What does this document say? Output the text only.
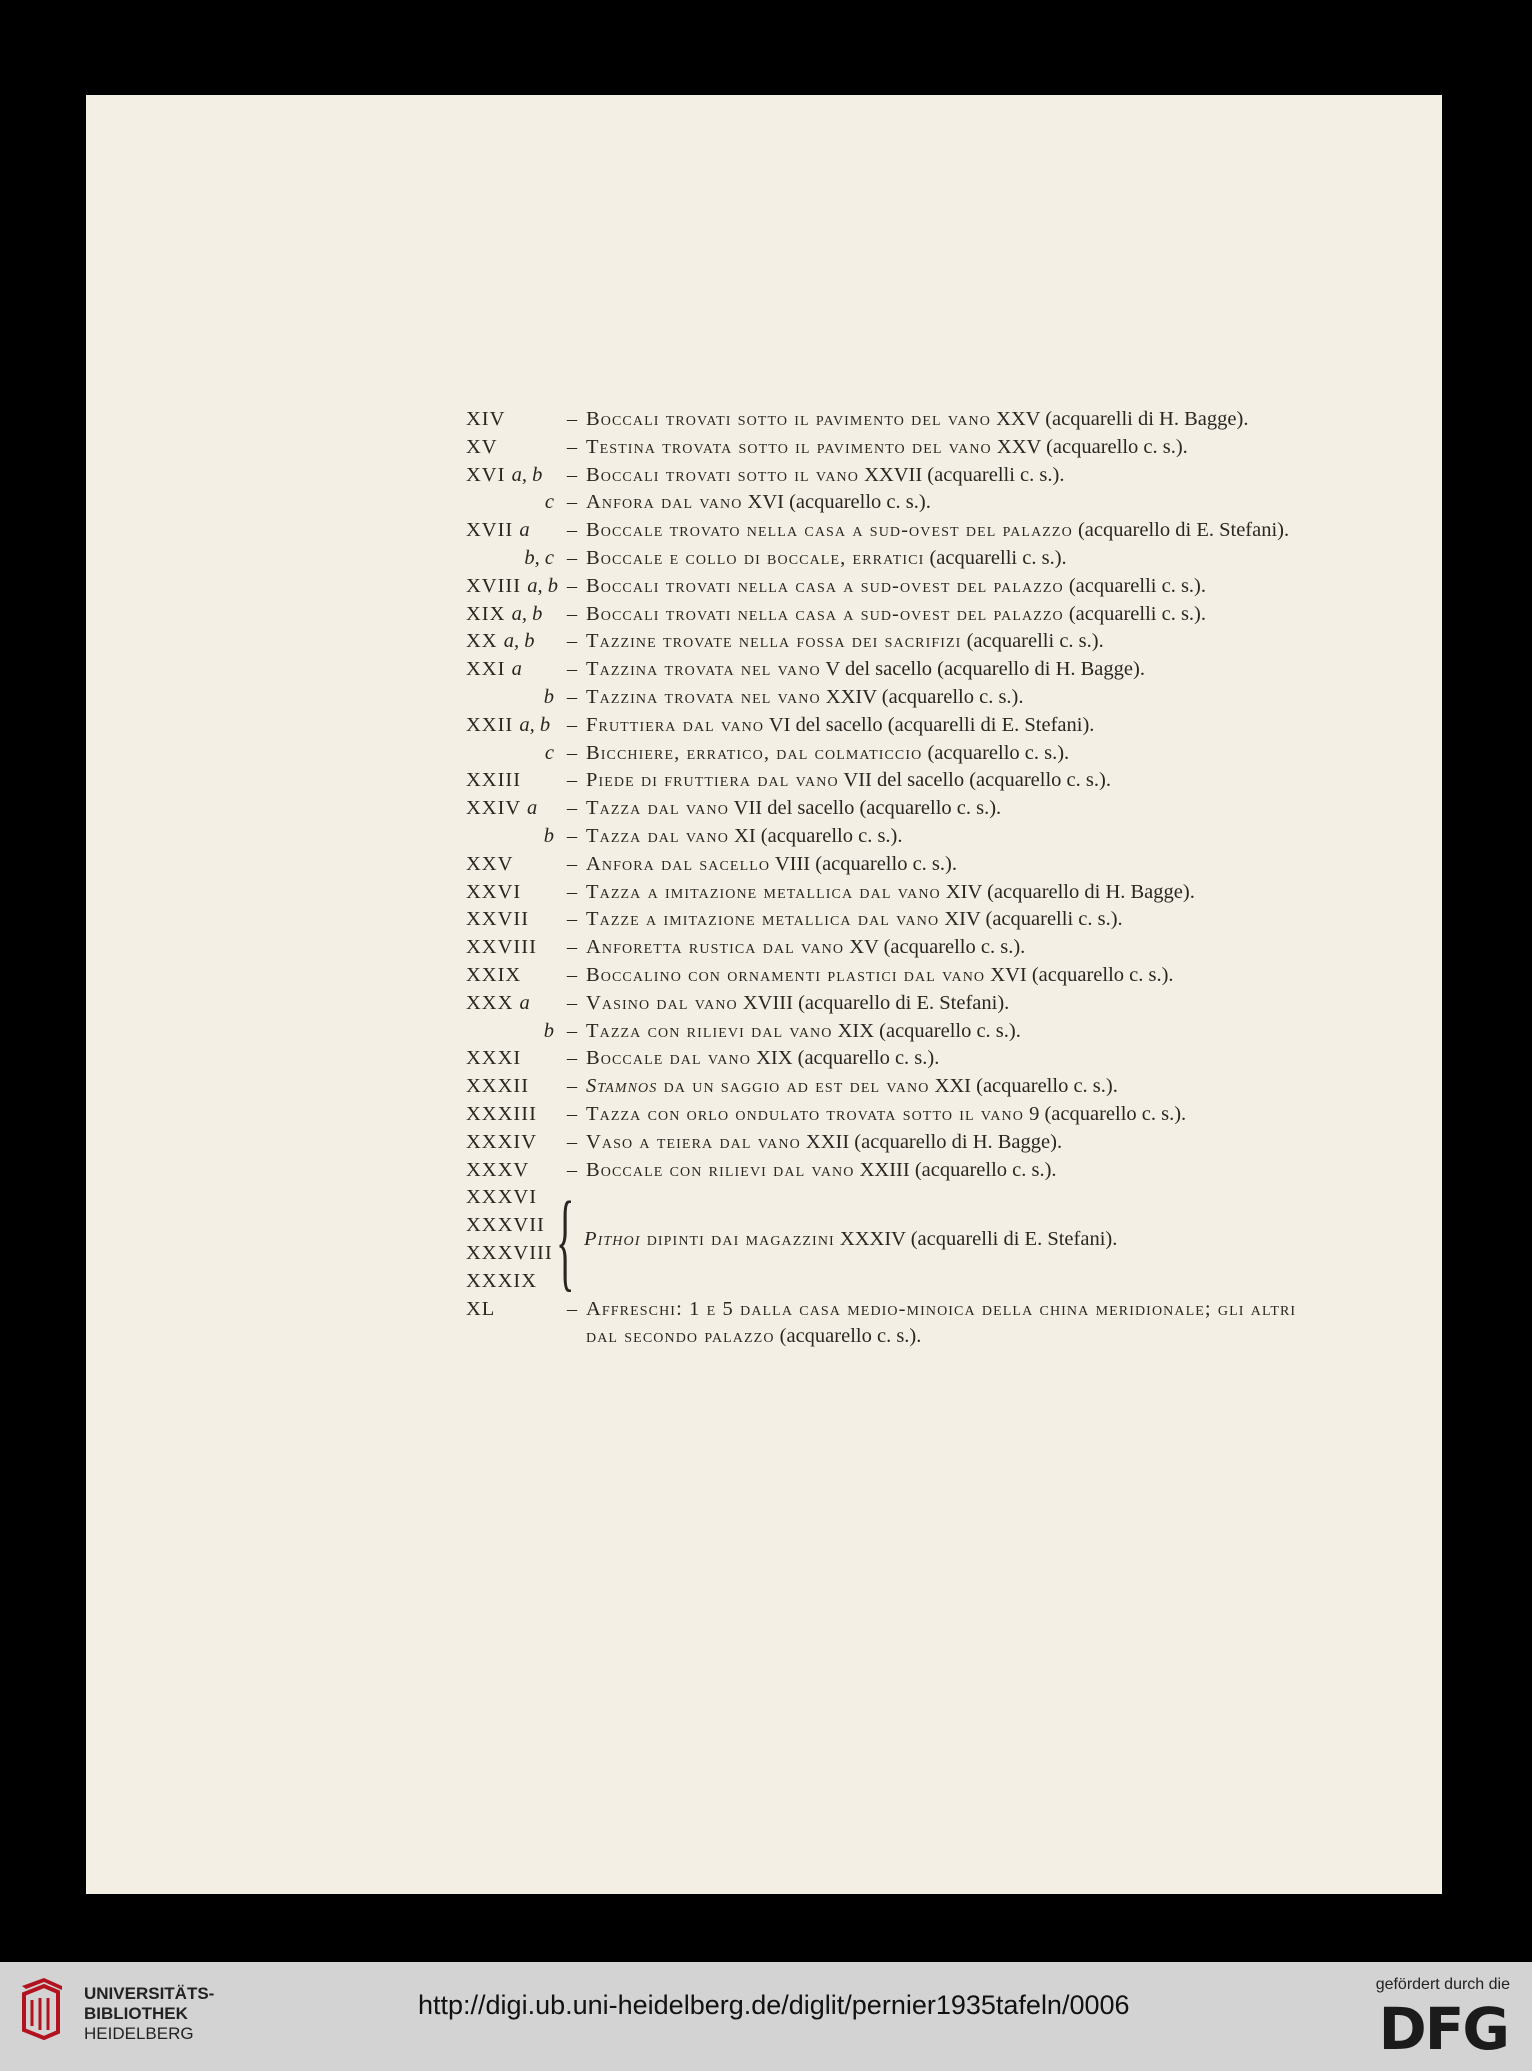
XIV	– Boccali trovati sotto il pavimento del vano XXV (acquarelli di H. Bagge).
XV	– Testina trovata sotto il pavimento del vano XXV (acquarello c. s.).
XVI a, b	– Boccali trovati sotto il vano XXVII (acquarelli c. s.).
c – Anfora dal vano XVI (acquarello c. s.).
XVII a	– Boccale trovato nella casa a sud-ovest del palazzo (acquarello di E. Stefani).
b, c – Boccale e collo di boccale, erratici (acquarelli c. s.).
XVIII a, b – Boccali trovati nella casa a sud-ovest del palazzo (acquarelli c. s.).
XIX a, b	– Boccali trovati nella casa a sud-ovest del palazzo (acquarelli c. s.).
XX a, b	– Tazzine trovate nella fossa dei sacrifizi (acquarelli c. s.).
XXI a	– Tazzina trovata nel vano V del sacello (acquarello di H. Bagge).
b – Tazzina trovata nel vano XXIV (acquarello c. s.).
XXII a, b – Fruttiera dal vano VI del sacello (acquarelli di E. Stefani).
c – Bicchiere, erratico, dal colmaticcio (acquarello c. s.).
XXIII	– Piede di fruttiera dal vano VII del sacello (acquarello c. s.).
XXIV a	– Tazza dal vano VII del sacello (acquarello c. s.).
b – Tazza dal vano XI (acquarello c. s.).
XXV	– Anfora dal sacello VIII (acquarello c. s.).
XXVI	– Tazza a imitazione metallica dal vano XIV (acquarello di H. Bagge).
XXVII	– Tazze a imitazione metallica dal vano XIV (acquarelli c. s.).
XXVIII	– Anforetta rustica dal vano XV (acquarello c. s.).
XXIX	– Boccalino con ornamenti plastici dal vano XVI (acquarello c. s.).
XXX a	– Vasino dal vano XVIII (acquarello di E. Stefani).
b – Tazza con rilievi dal vano XIX (acquarello c. s.).
XXXI	– Boccale dal vano XIX (acquarello c. s.).
XXXII	– Stamnos da un saggio ad est del vano XXI (acquarello c. s.).
XXXIII	– Tazza con orlo ondulato trovata sotto il vano 9 (acquarello c. s.).
XXXIV	– Vaso a teiera dal vano XXII (acquarello di H. Bagge).
XXXV	– Boccale con rilievi dal vano XXIII (acquarello c. s.).
XXXVI
XXXVII
XXXVIII
XXXIX { Pithoi dipinti dai magazzini XXXIV (acquarelli di E. Stefani).
XL	– Affreschi: 1 e 5 dalla casa medio-minoica della china meridionale; gli altri dal secondo palazzo (acquarello c. s.).
UNIVERSITÄTS-
BIBLIOTHEK
HEIDELBERG
http://digi.ub.uni-heidelberg.de/diglit/pernier1935tafeln/0006
gefördert durch die
DFG
